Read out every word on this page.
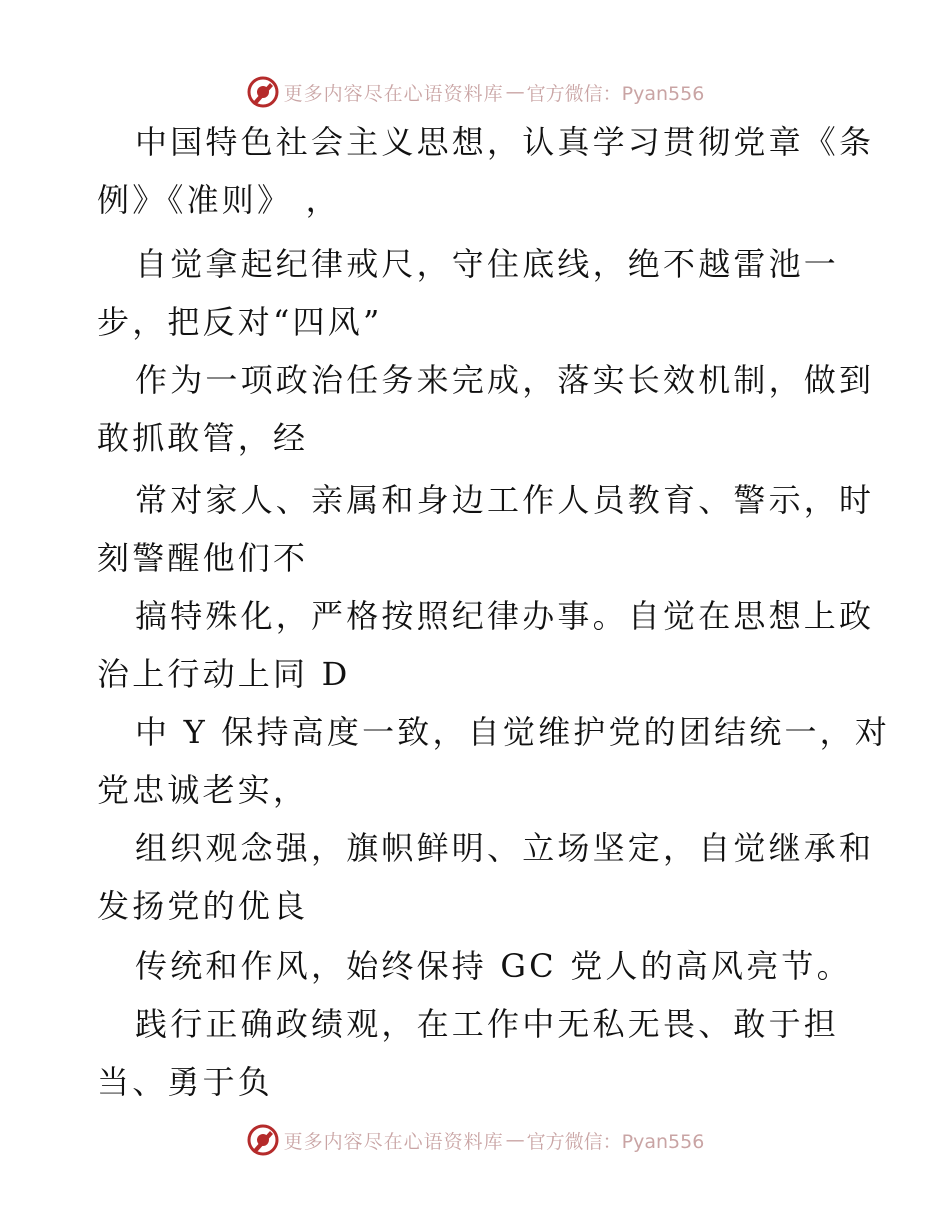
更多内容尽在心语资料库 — 官方微信：Pyan556
中国特色社会主义思想，认真学习贯彻党章《条
例》《准则》 ，
自觉拿起纪律戒尺，守住底线，绝不越雷池一
步，把反对“四风”
作为一项政治任务来完成，落实长效机制，做到
敢抓敢管，经
常对家人、亲属和身边工作人员教育、警示，时
刻警醒他们不
搞特殊化，严格按照纪律办事。自觉在思想上政
治上行动上同 D
中 Y 保持高度一致，自觉维护党的团结统一，对
党忠诚老实，
组织观念强，旗帜鲜明、立场坚定，自觉继承和
发扬党的优良
传统和作风，始终保持 GC 党人的高风亮节。
践行正确政绩观，在工作中无私无畏、敢于担
当、勇于负
更多内容尽在心语资料库 — 官方微信：Pyan556
